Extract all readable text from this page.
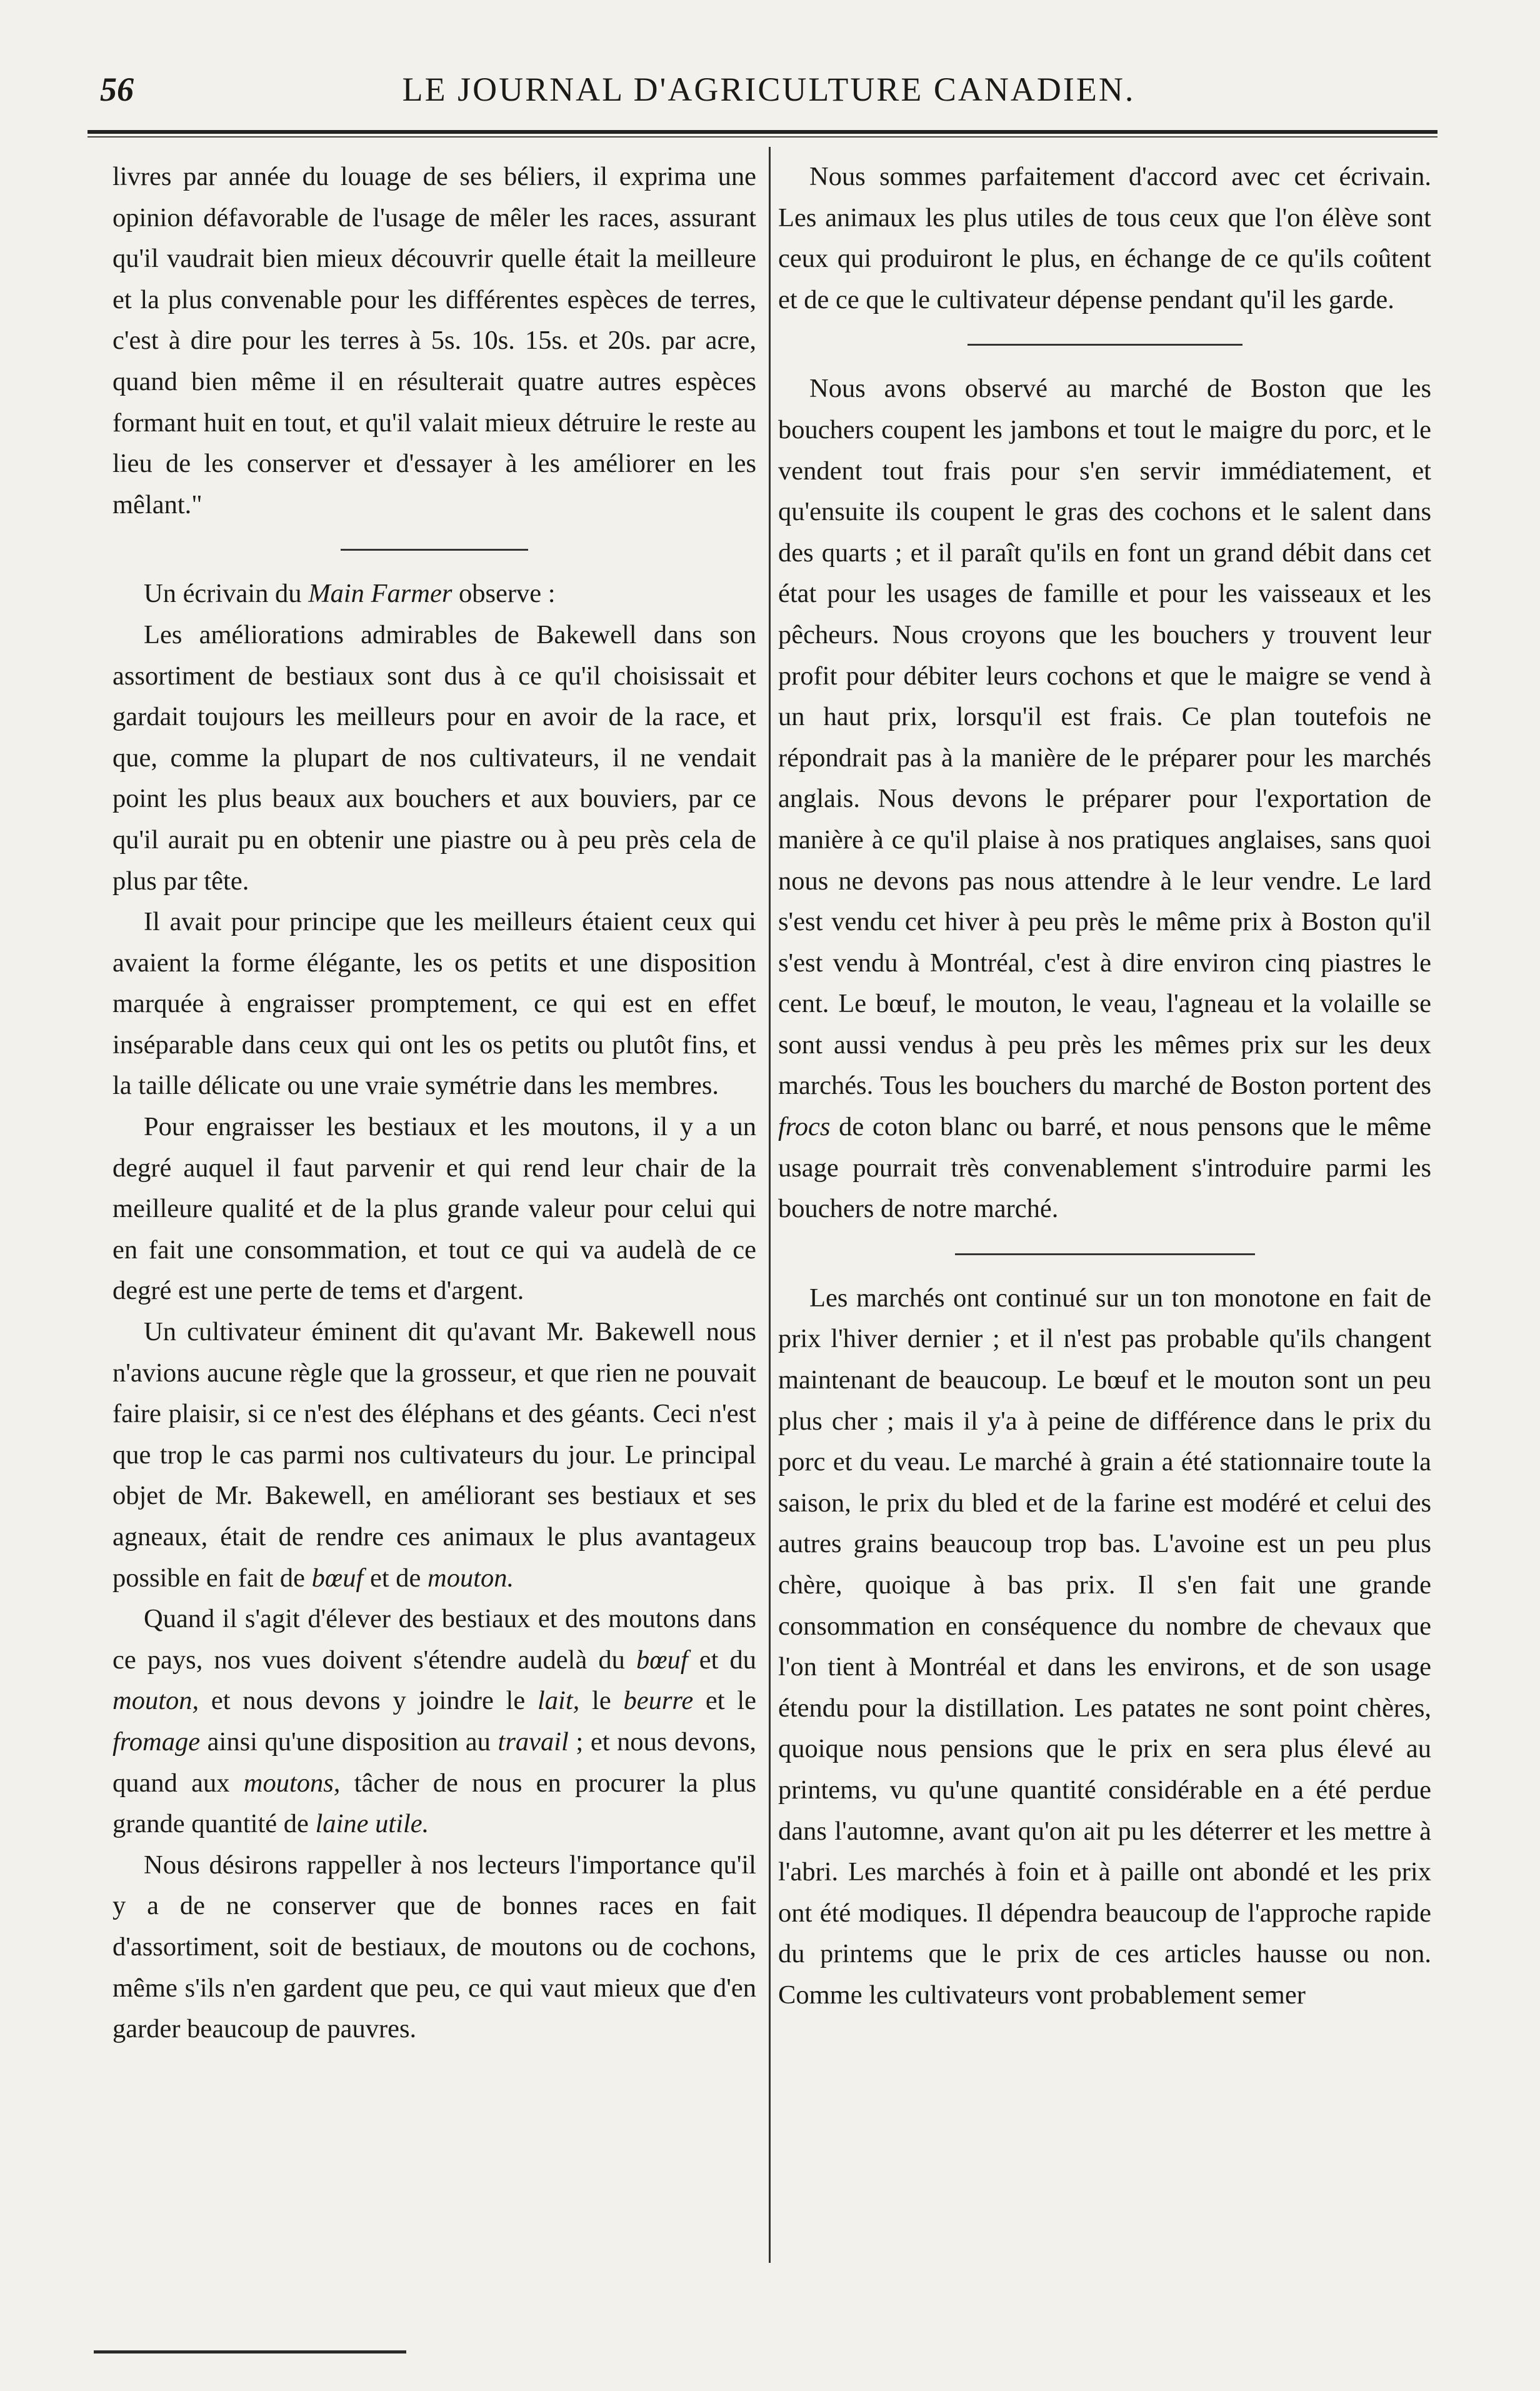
56	LE JOURNAL D'AGRICULTURE CANADIEN.

livres par année du louage de ses béliers, il exprima une opinion défavorable de l'usage de mêler les races, assurant qu'il vaudrait bien mieux découvrir quelle était la meilleure et la plus convenable pour les différentes espèces de terres, c'est à dire pour les terres à 5s. 10s. 15s. et 20s. par acre, quand bien même il en résulterait quatre autres espèces formant huit en tout, et qu'il valait mieux détruire le reste au lieu de les conserver et d'essayer à les améliorer en les mêlant."

Un écrivain du Main Farmer observe :

Les améliorations admirables de Bakewell dans son assortiment de bestiaux sont dus à ce qu'il choisissait et gardait toujours les meilleurs pour en avoir de la race, et que, comme la plupart de nos cultivateurs, il ne vendait point les plus beaux aux bouchers et aux bouviers, par ce qu'il aurait pu en obtenir une piastre ou à peu près cela de plus par tête.

Il avait pour principe que les meilleurs étaient ceux qui avaient la forme élégante, les os petits et une disposition marquée à engraisser promptement, ce qui est en effet inséparable dans ceux qui ont les os petits ou plutôt fins, et la taille délicate ou une vraie symétrie dans les membres.

Pour engraisser les bestiaux et les moutons, il y a un degré auquel il faut parvenir et qui rend leur chair de la meilleure qualité et de la plus grande valeur pour celui qui en fait une consommation, et tout ce qui va audelà de ce degré est une perte de tems et d'argent.

Un cultivateur éminent dit qu'avant Mr. Bakewell nous n'avions aucune règle que la grosseur, et que rien ne pouvait faire plaisir, si ce n'est des éléphans et des géants. Ceci n'est que trop le cas parmi nos cultivateurs du jour. Le principal objet de Mr. Bakewell, en améliorant ses bestiaux et ses agneaux, était de rendre ces animaux le plus avantageux possible en fait de bœuf et de mouton.

Quand il s'agit d'élever des bestiaux et des moutons dans ce pays, nos vues doivent s'étendre audelà du bœuf et du mouton, et nous devons y joindre le lait, le beurre et le fromage ainsi qu'une disposition au travail ; et nous devons, quand aux moutons, tâcher de nous en procurer la plus grande quantité de laine utile.

Nous désirons rappeller à nos lecteurs l'importance qu'il y a de ne conserver que de bonnes races en fait d'assortiment, soit de bestiaux, de moutons ou de cochons, même s'ils n'en gardent que peu, ce qui vaut mieux que d'en garder beaucoup de pauvres.

Nous sommes parfaitement d'accord avec cet écrivain. Les animaux les plus utiles de tous ceux que l'on élève sont ceux qui produiront le plus, en échange de ce qu'ils coûtent et de ce que le cultivateur dépense pendant qu'il les garde.

Nous avons observé au marché de Boston que les bouchers coupent les jambons et tout le maigre du porc, et le vendent tout frais pour s'en servir immédiatement, et qu'ensuite ils coupent le gras des cochons et le salent dans des quarts ; et il paraît qu'ils en font un grand débit dans cet état pour les usages de famille et pour les vaisseaux et les pêcheurs. Nous croyons que les bouchers y trouvent leur profit pour débiter leurs cochons et que le maigre se vend à un haut prix, lorsqu'il est frais. Ce plan toutefois ne répondrait pas à la manière de le préparer pour les marchés anglais. Nous devons le préparer pour l'exportation de manière à ce qu'il plaise à nos pratiques anglaises, sans quoi nous ne devons pas nous attendre à le leur vendre. Le lard s'est vendu cet hiver à peu près le même prix à Boston qu'il s'est vendu à Montréal, c'est à dire environ cinq piastres le cent. Le bœuf, le mouton, le veau, l'agneau et la volaille se sont aussi vendus à peu près les mêmes prix sur les deux marchés. Tous les bouchers du marché de Boston portent des frocs de coton blanc ou barré, et nous pensons que le même usage pourrait très convenablement s'introduire parmi les bouchers de notre marché.

Les marchés ont continué sur un ton monotone en fait de prix l'hiver dernier ; et il n'est pas probable qu'ils changent maintenant de beaucoup. Le bœuf et le mouton sont un peu plus cher ; mais il y'a à peine de différence dans le prix du porc et du veau. Le marché à grain a été stationnaire toute la saison, le prix du bled et de la farine est modéré et celui des autres grains beaucoup trop bas. L'avoine est un peu plus chère, quoique à bas prix. Il s'en fait une grande consommation en conséquence du nombre de chevaux que l'on tient à Montréal et dans les environs, et de son usage étendu pour la distillation. Les patates ne sont point chères, quoique nous pensions que le prix en sera plus élevé au printems, vu qu'une quantité considérable en a été perdue dans l'automne, avant qu'on ait pu les déterrer et les mettre à l'abri. Les marchés à foin et à paille ont abondé et les prix ont été modiques. Il dépendra beaucoup de l'approche rapide du printems que le prix de ces articles hausse ou non. Comme les cultivateurs vont probablement semer
